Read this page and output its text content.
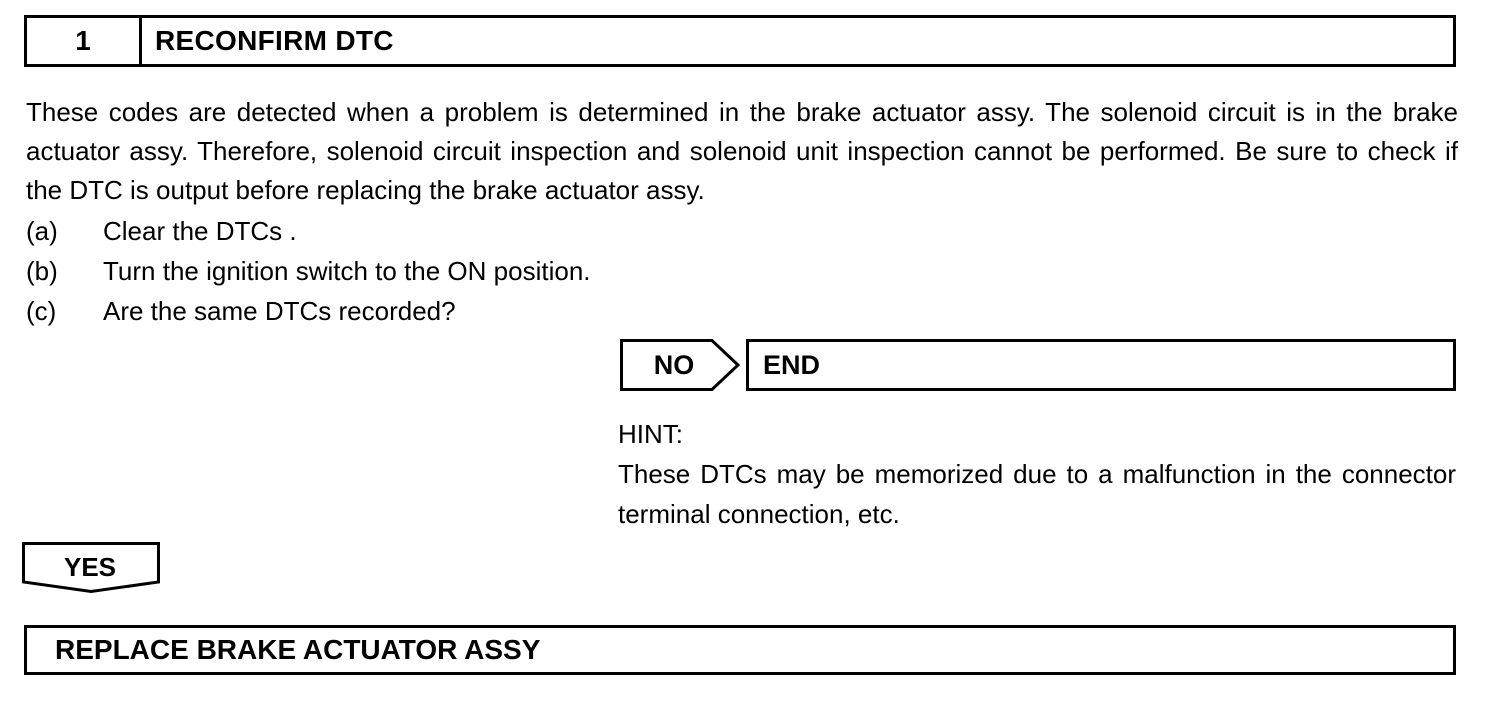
1	RECONFIRM DTC

These codes are detected when a problem is determined in the brake actuator assy. The solenoid circuit is in the brake actuator assy. Therefore, solenoid circuit inspection and solenoid unit inspection cannot be performed. Be sure to check if the DTC is output before replacing the brake actuator assy.

(a)	Clear the DTCs .
(b)	Turn the ignition switch to the ON position.
(c)	Are the same DTCs recorded?
NO	END
HINT:

These DTCs may be memorized due to a malfunction in the connector terminal connection, etc.

YES
REPLACE BRAKE ACTUATOR ASSY
